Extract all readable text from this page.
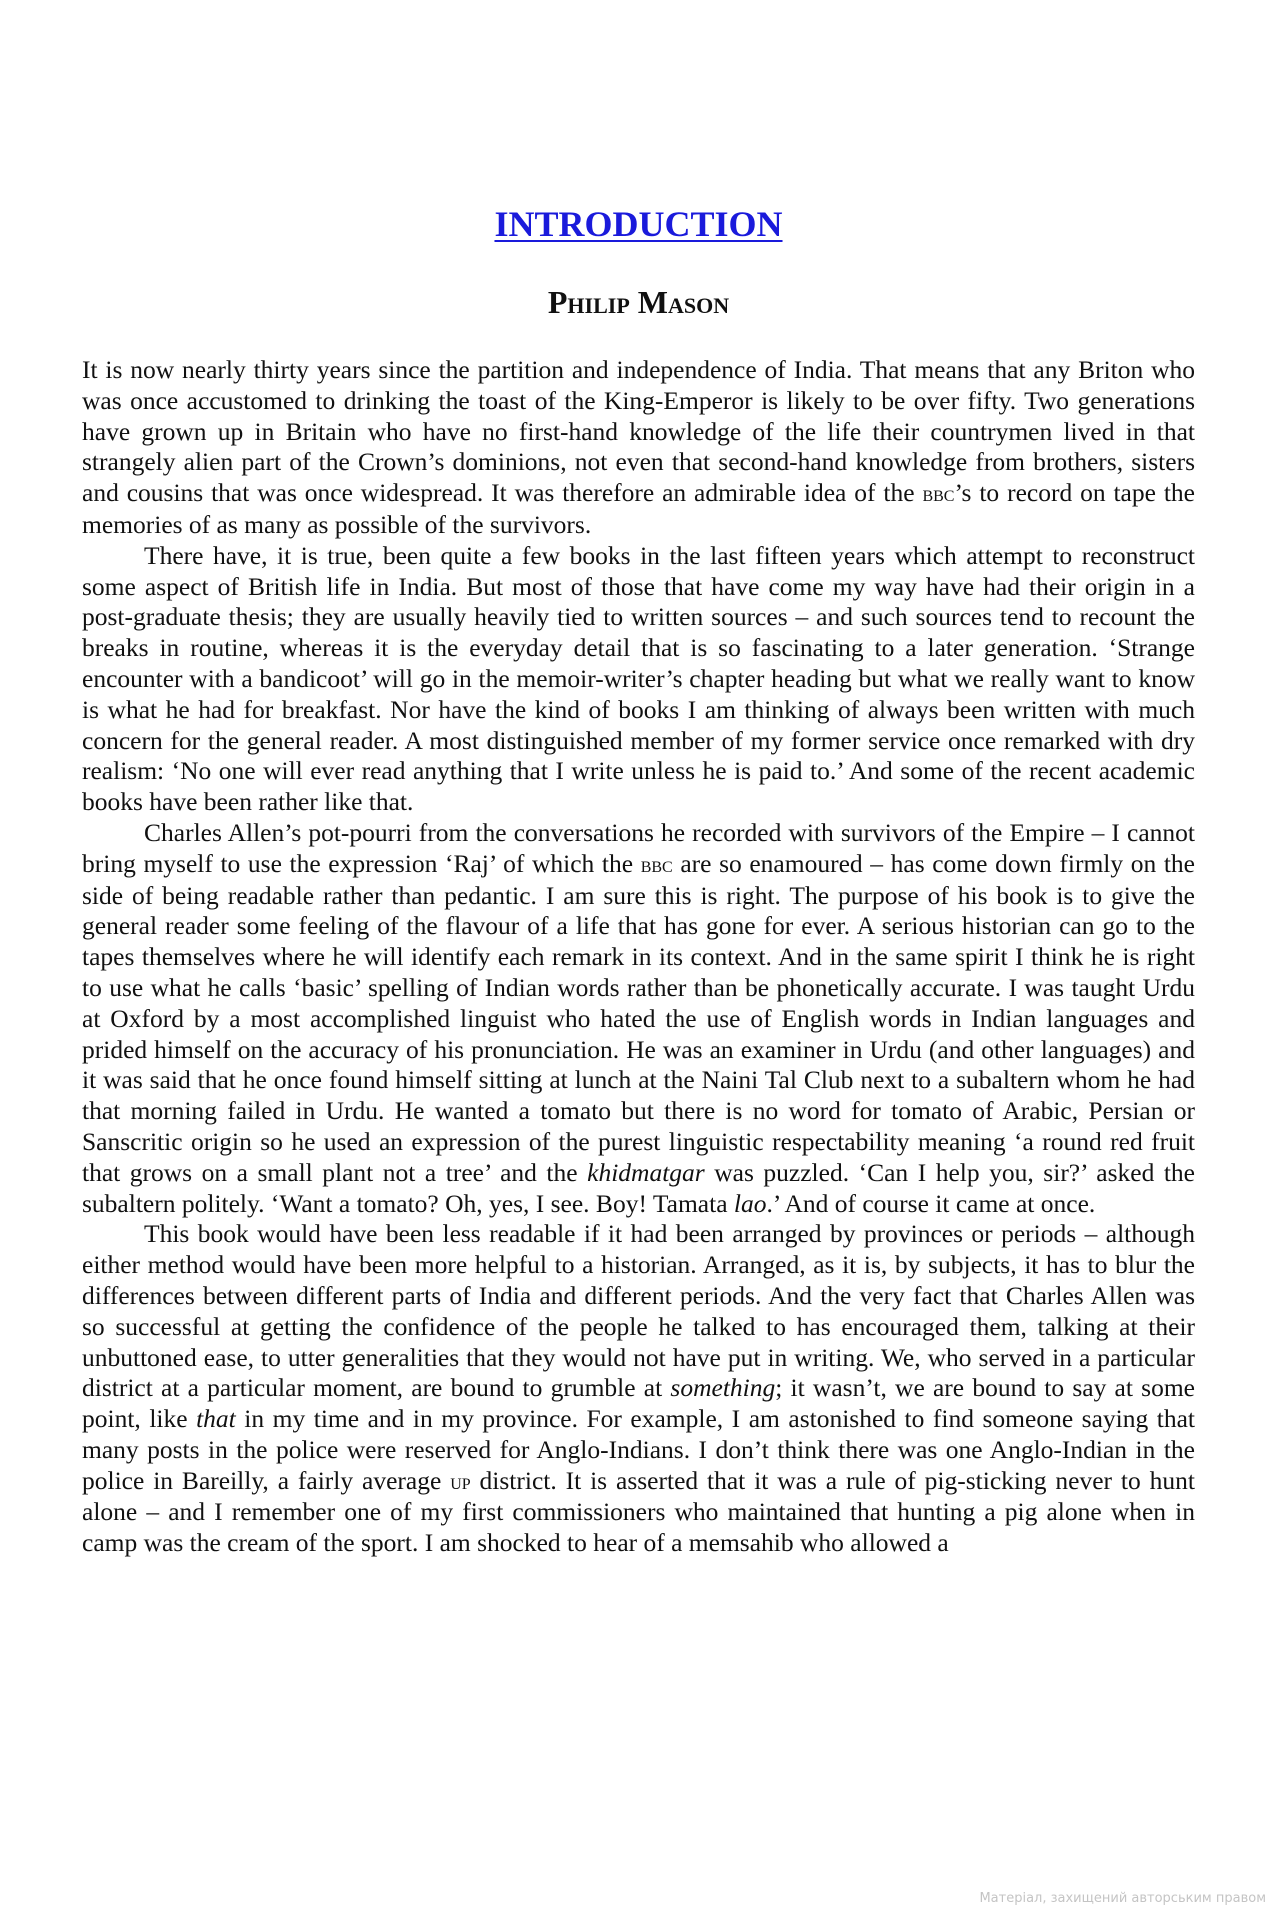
INTRODUCTION
Philip Mason

It is now nearly thirty years since the partition and independence of India. That means that any Briton who was once accustomed to drinking the toast of the King-Emperor is likely to be over fifty. Two generations have grown up in Britain who have no first-hand knowledge of the life their countrymen lived in that strangely alien part of the Crown’s dominions, not even that second-hand knowledge from brothers, sisters and cousins that was once widespread. It was therefore an admirable idea of the bbc’s to record on tape the memories of as many as possible of the survivors.

There have, it is true, been quite a few books in the last fifteen years which attempt to reconstruct some aspect of British life in India. But most of those that have come my way have had their origin in a post-graduate thesis; they are usually heavily tied to written sources – and such sources tend to recount the breaks in routine, whereas it is the everyday detail that is so fascinating to a later generation. ‘Strange encounter with a bandicoot’ will go in the memoir-writer’s chapter heading but what we really want to know is what he had for breakfast. Nor have the kind of books I am thinking of always been written with much concern for the general reader. A most distinguished member of my former service once remarked with dry realism: ‘No one will ever read anything that I write unless he is paid to.’ And some of the recent academic books have been rather like that.

Charles Allen’s pot-pourri from the conversations he recorded with survivors of the Empire – I cannot bring myself to use the expression ‘Raj’ of which the bbc are so enamoured – has come down firmly on the side of being readable rather than pedantic. I am sure this is right. The purpose of his book is to give the general reader some feeling of the flavour of a life that has gone for ever. A serious historian can go to the tapes themselves where he will identify each remark in its context. And in the same spirit I think he is right to use what he calls ‘basic’ spelling of Indian words rather than be phonetically accurate. I was taught Urdu at Oxford by a most accomplished linguist who hated the use of English words in Indian languages and prided himself on the accuracy of his pronunciation. He was an examiner in Urdu (and other languages) and it was said that he once found himself sitting at lunch at the Naini Tal Club next to a subaltern whom he had that morning failed in Urdu. He wanted a tomato but there is no word for tomato of Arabic, Persian or Sanscritic origin so he used an expression of the purest linguistic respectability meaning ‘a round red fruit that grows on a small plant not a tree’ and the khidmatgar was puzzled. ‘Can I help you, sir?’ asked the subaltern politely. ‘Want a tomato? Oh, yes, I see. Boy! Tamata lao.’ And of course it came at once.

This book would have been less readable if it had been arranged by provinces or periods – although either method would have been more helpful to a historian. Arranged, as it is, by subjects, it has to blur the differences between different parts of India and different periods. And the very fact that Charles Allen was so successful at getting the confidence of the people he talked to has encouraged them, talking at their unbuttoned ease, to utter generalities that they would not have put in writing. We, who served in a particular district at a particular moment, are bound to grumble at something; it wasn’t, we are bound to say at some point, like that in my time and in my province. For example, I am astonished to find someone saying that many posts in the police were reserved for Anglo-Indians. I don’t think there was one Anglo-Indian in the police in Bareilly, a fairly average up district. It is asserted that it was a rule of pig-sticking never to hunt alone – and I remember one of my first commissioners who maintained that hunting a pig alone when in camp was the cream of the sport. I am shocked to hear of a memsahib who allowed a

Матеріал, захищений авторським правом
